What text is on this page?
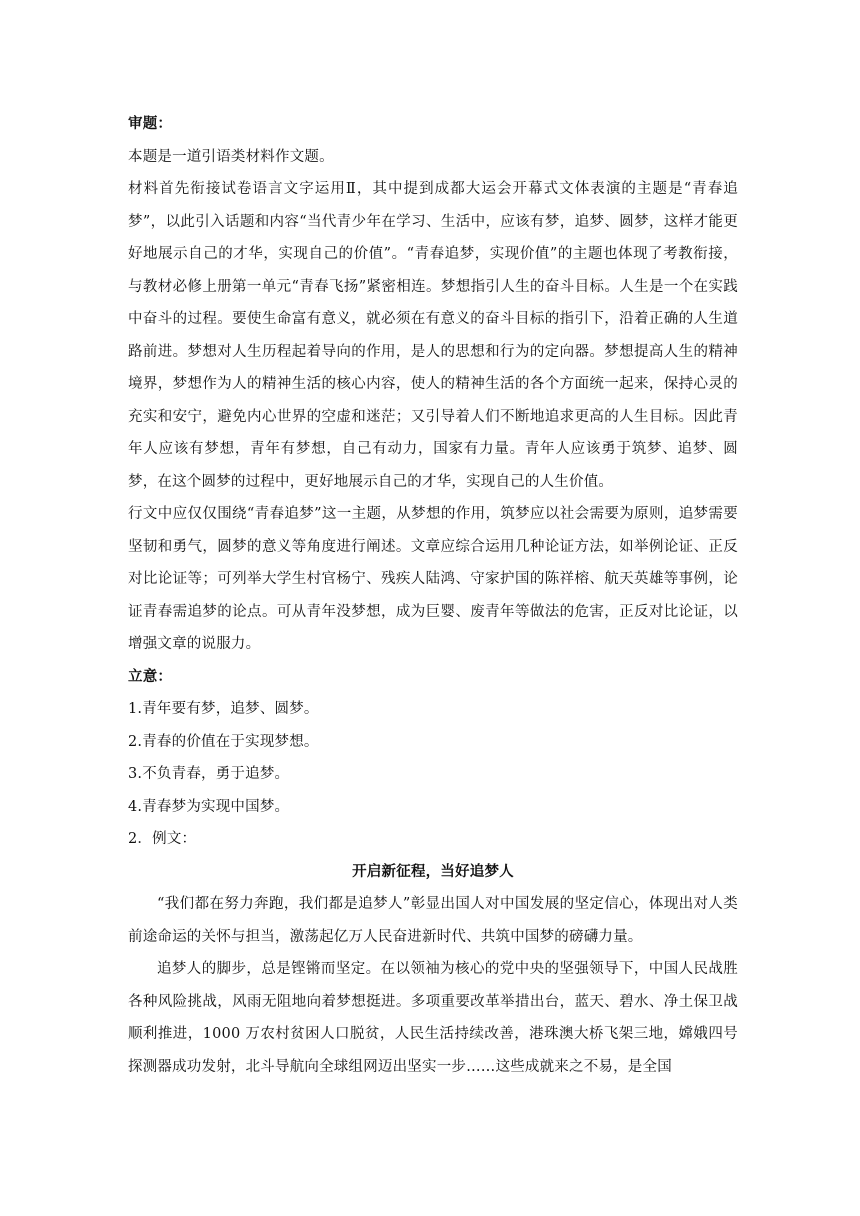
审题：

本题是一道引语类材料作文题。

材料首先衔接试卷语言文字运用Ⅱ，其中提到成都大运会开幕式文体表演的主题是“青春追梦”，以此引入话题和内容“当代青少年在学习、生活中，应该有梦，追梦、圆梦，这样才能更好地展示自己的才华，实现自己的价值”。“青春追梦，实现价值”的主题也体现了考教衔接，与教材必修上册第一单元“青春飞扬”紧密相连。梦想指引人生的奋斗目标。人生是一个在实践中奋斗的过程。要使生命富有意义，就必须在有意义的奋斗目标的指引下，沿着正确的人生道路前进。梦想对人生历程起着导向的作用，是人的思想和行为的定向器。梦想提高人生的精神境界，梦想作为人的精神生活的核心内容，使人的精神生活的各个方面统一起来，保持心灵的充实和安宁，避免内心世界的空虚和迷茫；又引导着人们不断地追求更高的人生目标。因此青年人应该有梦想，青年有梦想，自己有动力，国家有力量。青年人应该勇于筑梦、追梦、圆梦，在这个圆梦的过程中，更好地展示自己的才华，实现自己的人生价值。

行文中应仅仅围绕“青春追梦”这一主题，从梦想的作用，筑梦应以社会需要为原则，追梦需要坚韧和勇气，圆梦的意义等角度进行阐述。文章应综合运用几种论证方法，如举例论证、正反对比论证等；可列举大学生村官杨宁、残疾人陆鸿、守家护国的陈祥榕、航天英雄等事例，论证青春需追梦的论点。可从青年没梦想，成为巨婴、废青年等做法的危害，正反对比论证，以增强文章的说服力。

立意：

1.青年要有梦，追梦、圆梦。

2.青春的价值在于实现梦想。

3.不负青春，勇于追梦。

4.青春梦为实现中国梦。

2．例文：

开启新征程，当好追梦人

“我们都在努力奔跑，我们都是追梦人”彰显出国人对中国发展的坚定信心，体现出对人类前途命运的关怀与担当，激荡起亿万人民奋进新时代、共筑中国梦的磅礴力量。

追梦人的脚步，总是铿锵而坚定。在以领袖为核心的党中央的坚强领导下，中国人民战胜各种风险挑战，风雨无阻地向着梦想挺进。多项重要改革举措出台，蓝天、碧水、净土保卫战顺利推进，1000 万农村贫困人口脱贫，人民生活持续改善，港珠澳大桥飞架三地，嫦娥四号探测器成功发射，北斗导航向全球组网迈出坚实一步……这些成就来之不易，是全国
